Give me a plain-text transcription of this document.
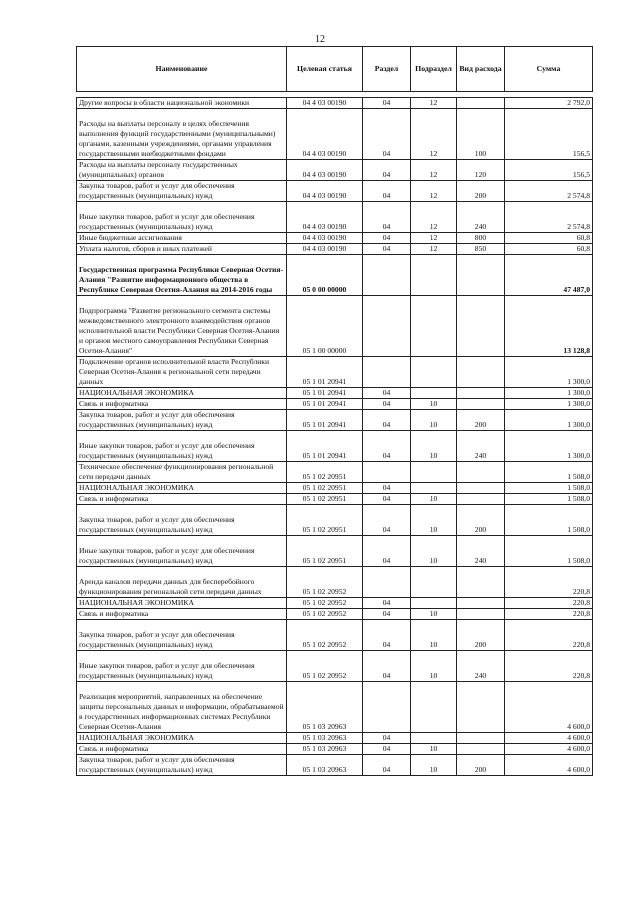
12
Наименование	Целевая статья	Раздел	Подраздел	Вид расхода	Сумма

Другие вопросы в области национальной экономики	04 4 03 00190	04	12		2 792,0
Расходы на выплаты персоналу в целях обеспечения выполнения функций государственными (муниципальными) органами, казенными учреждениями, органами управления государственными внебюджетными фондами	04 4 03 00190	04	12	100	156,5
Расходы на выплаты персоналу государственных (муниципальных) органов	04 4 03 00190	04	12	120	156,5
Закупка товаров, работ и услуг для обеспечения государственных (муниципальных) нужд	04 4 03 00190	04	12	200	2 574,8
Иные закупки товаров, работ и услуг для обеспечения государственных (муниципальных) нужд	04 4 03 00190	04	12	240	2 574,8
Иные бюджетные ассигнования	04 4 03 00190	04	12	800	60,8
Уплата налогов, сборов и иных платежей	04 4 03 00190	04	12	850	60,8
Государственная программа Республики Северная Осетия-Алания "Развитие информационного общества в Республике Северная Осетия-Алания на 2014-2016 годы	05 0 00 00000				47 487,0
Подпрограмма "Развитие регионального сегмента системы межведомственного электронного взаимодействия органов исполнительной власти Республики Северная Осетия-Алания и органов местного самоуправления Республики Северная Осетия-Алания"	05 1 00 00000				13 128,8
Подключение органов исполнительной власти Республики Северная Осетия-Алания к региональной сети передачи данных	05 1 01 20941				1 300,0
НАЦИОНАЛЬНАЯ ЭКОНОМИКА	05 1 01 20941	04			1 300,0
Связь и информатика	05 1 01 20941	04	10		1 300,0
Закупка товаров, работ и услуг для обеспечения государственных (муниципальных) нужд	05 1 01 20941	04	10	200	1 300,0
Иные закупки товаров, работ и услуг для обеспечения государственных (муниципальных) нужд	05 1 01 20941	04	10	240	1 300,0
Техническое обеспечение функционирования региональной сети передачи данных	05 1 02 20951				1 508,0
НАЦИОНАЛЬНАЯ ЭКОНОМИКА	05 1 02 20951	04			1 508,0
Связь и информатика	05 1 02 20951	04	10		1 508,0
Закупка товаров, работ и услуг для обеспечения государственных (муниципальных) нужд	05 1 02 20951	04	10	200	1 508,0
Иные закупки товаров, работ и услуг для обеспечения государственных (муниципальных) нужд	05 1 02 20951	04	10	240	1 508,0
Аренда каналов передачи данных для бесперебойного функционирования региональной сети передачи данных	05 1 02 20952				220,8
НАЦИОНАЛЬНАЯ ЭКОНОМИКА	05 1 02 20952	04			220,8
Связь и информатика	05 1 02 20952	04	10		220,8
Закупка товаров, работ и услуг для обеспечения государственных (муниципальных) нужд	05 1 02 20952	04	10	200	220,8
Иные закупки товаров, работ и услуг для обеспечения государственных (муниципальных) нужд	05 1 02 20952	04	10	240	220,8
Реализация мероприятий, направленных на обеспечение защиты персональных данных и информации, обрабатываемой в государственных информационных системах Республики Северная Осетия-Алания	05 1 03 20963				4 600,0
НАЦИОНАЛЬНАЯ ЭКОНОМИКА	05 1 03 20963	04			4 600,0
Связь и информатика	05 1 03 20963	04	10		4 600,0
Закупка товаров, работ и услуг для обеспечения государственных (муниципальных) нужд	05 1 03 20963	04	10	200	4 600,0
